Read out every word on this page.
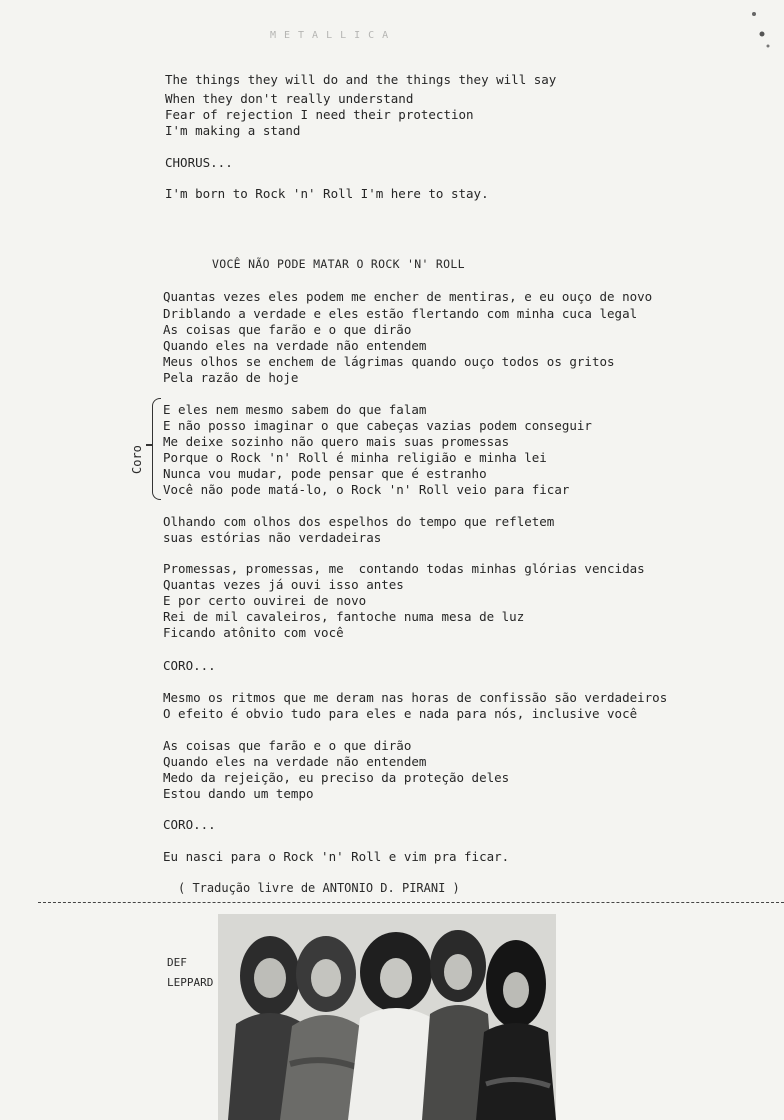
METALLICA
The things they will do and the things they will say
When they don't really understand
Fear of rejection I need their protection
I'm making a stand
CHORUS...
I'm born to Rock 'n' Roll I'm here to stay.
VOCÊ NÃO PODE MATAR O ROCK 'N' ROLL
Quantas vezes eles podem me encher de mentiras, e eu ouço de novo
Driblando a verdade e eles estão flertando com minha cuca legal
As coisas que farão e o que dirão
Quando eles na verdade não entendem
Meus olhos se enchem de lágrimas quando ouço todos os gritos
Pela razão de hoje
Coro
E eles nem mesmo sabem do que falam
E não posso imaginar o que cabeças vazias podem conseguir
Me deixe sozinho não quero mais suas promessas
Porque o Rock 'n' Roll é minha religião e minha lei
Nunca vou mudar, pode pensar que é estranho
Você não pode matá-lo, o Rock 'n' Roll veio para ficar
Olhando com olhos dos espelhos do tempo que refletem
suas estórias não verdadeiras
Promessas, promessas, me  contando todas minhas glórias vencidas
Quantas vezes já ouvi isso antes
E por certo ouvirei de novo
Rei de mil cavaleiros, fantoche numa mesa de luz
Ficando atônito com você
CORO...
Mesmo os ritmos que me deram nas horas de confissão são verdadeiros
O efeito é obvio tudo para eles e nada para nós, inclusive você
As coisas que farão e o que dirão
Quando eles na verdade não entendem
Medo da rejeição, eu preciso da proteção deles
Estou dando um tempo
CORO...
Eu nasci para o Rock 'n' Roll e vim pra ficar.
( Tradução livre de ANTONIO D. PIRANI )
DEF
LEPPARD
